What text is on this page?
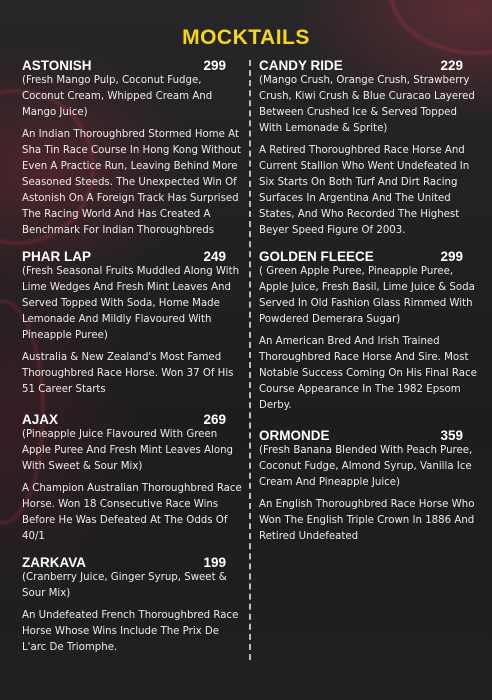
MOCKTAILS
ASTONISH	299

(Fresh Mango Pulp, Coconut Fudge, Coconut Cream, Whipped Cream And Mango Juice)

An Indian Thoroughbred Stormed Home At Sha Tin Race Course In Hong Kong Without Even A Practice Run, Leaving Behind More Seasoned Steeds. The Unexpected Win Of Astonish On A Foreign Track Has Surprised The Racing World And Has Created A Benchmark For Indian Thoroughbreds

PHAR LAP	249

(Fresh Seasonal Fruits Muddled Along With Lime Wedges And Fresh Mint Leaves And Served Topped With Soda, Home Made Lemonade And Mildly Flavoured With Pineapple Puree)

Australia & New Zealand's Most Famed Thoroughbred Race Horse. Won 37 Of His 51 Career Starts

AJAX	269

(Pineapple Juice Flavoured With Green Apple Puree And Fresh Mint Leaves Along With Sweet & Sour Mix)

A Champion Australian Thoroughbred Race Horse. Won 18 Consecutive Race Wins Before He Was Defeated At The Odds Of 40/1

ZARKAVA	199

(Cranberry Juice, Ginger Syrup, Sweet & Sour Mix)

An Undefeated French Thoroughbred Race Horse Whose Wins Include The Prix De L'arc De Triomphe.

CANDY RIDE	229

(Mango Crush, Orange Crush, Strawberry Crush, Kiwi Crush & Blue Curacao Layered Between Crushed Ice & Served Topped With Lemonade & Sprite)

A Retired Thoroughbred Race Horse And Current Stallion Who Went Undefeated In Six Starts On Both Turf And Dirt Racing Surfaces In Argentina And The United States, And Who Recorded The Highest Beyer Speed Figure Of 2003.

GOLDEN FLEECE	299

( Green Apple Puree, Pineapple Puree, Apple Juice, Fresh Basil, Lime Juice & Soda Served In Old Fashion Glass Rimmed With Powdered Demerara Sugar)

An American Bred And Irish Trained Thoroughbred Race Horse And Sire. Most Notable Success Coming On His Final Race Course Appearance In The 1982 Epsom Derby.

ORMONDE	359

(Fresh Banana Blended With Peach Puree, Coconut Fudge, Almond Syrup, Vanilla Ice Cream And Pineapple Juice)

An English Thoroughbred Race Horse Who Won The English Triple Crown In 1886 And Retired Undefeated
